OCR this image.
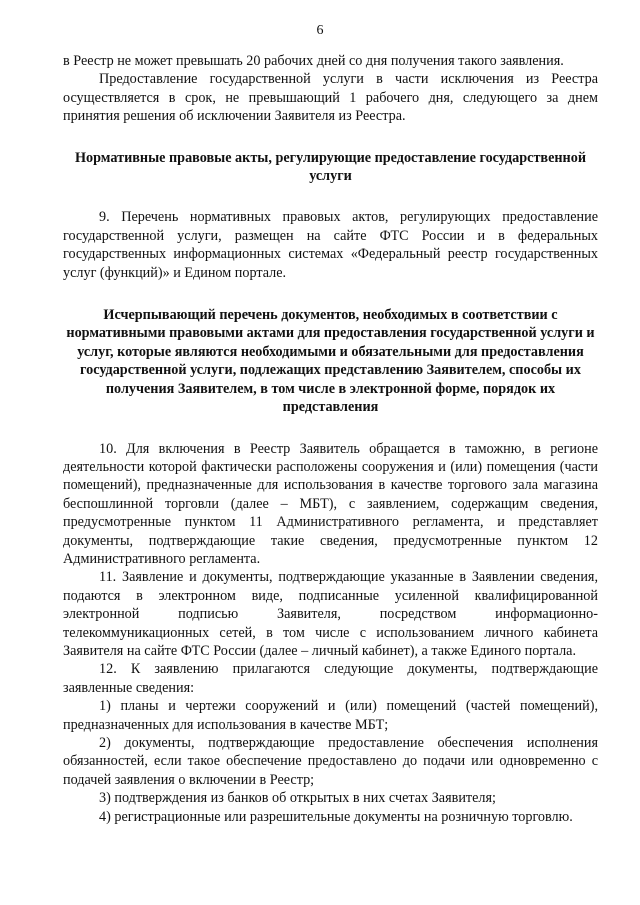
6

в Реестр не может превышать 20 рабочих дней со дня получения такого заявления.

Предоставление государственной услуги в части исключения из Реестра осуществляется в срок, не превышающий 1 рабочего дня, следующего за днем принятия решения об исключении Заявителя из Реестра.

Нормативные правовые акты, регулирующие предоставление государственной услуги

9. Перечень нормативных правовых актов, регулирующих предоставление государственной услуги, размещен на сайте ФТС России и в федеральных государственных информационных системах «Федеральный реестр государственных услуг (функций)» и Едином портале.

Исчерпывающий перечень документов, необходимых в соответствии с нормативными правовыми актами для предоставления государственной услуги и услуг, которые являются необходимыми и обязательными для предоставления государственной услуги, подлежащих представлению Заявителем, способы их получения Заявителем, в том числе в электронной форме, порядок их представления

10. Для включения в Реестр Заявитель обращается в таможню, в регионе деятельности которой фактически расположены сооружения и (или) помещения (части помещений), предназначенные для использования в качестве торгового зала магазина беспошлинной торговли (далее – МБТ), с заявлением, содержащим сведения, предусмотренные пунктом 11 Административного регламента, и представляет документы, подтверждающие такие сведения, предусмотренные пунктом 12 Административного регламента.

11. Заявление и документы, подтверждающие указанные в Заявлении сведения, подаются в электронном виде, подписанные усиленной квалифицированной электронной подписью Заявителя, посредством информационно-телекоммуникационных сетей, в том числе с использованием личного кабинета Заявителя на сайте ФТС России (далее – личный кабинет), а также Единого портала.

12. К заявлению прилагаются следующие документы, подтверждающие заявленные сведения:

1) планы и чертежи сооружений и (или) помещений (частей помещений), предназначенных для использования в качестве МБТ;

2) документы, подтверждающие предоставление обеспечения исполнения обязанностей, если такое обеспечение предоставлено до подачи или одновременно с подачей заявления о включении в Реестр;

3) подтверждения из банков об открытых в них счетах Заявителя;

4) регистрационные или разрешительные документы на розничную торговлю.
